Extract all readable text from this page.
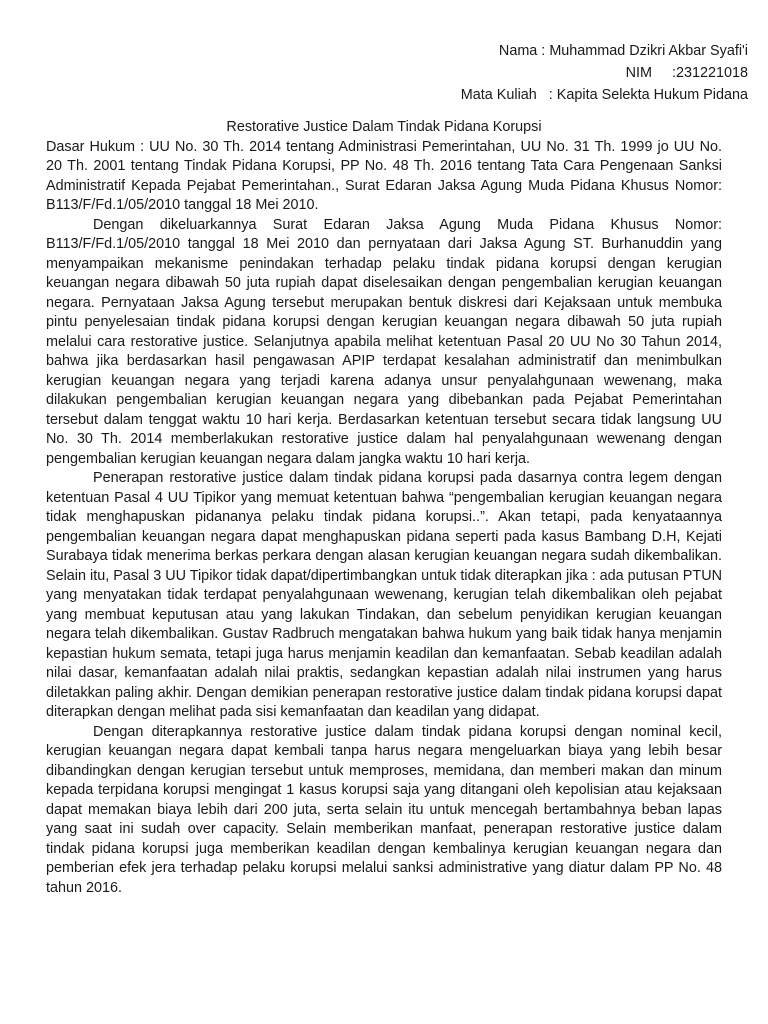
Nama : Muhammad Dzikri Akbar Syafi'i
NIM :231221018
Mata Kuliah   : Kapita Selekta Hukum Pidana
Restorative Justice Dalam Tindak Pidana Korupsi
Dasar Hukum : UU No. 30 Th. 2014 tentang Administrasi Pemerintahan, UU No. 31 Th. 1999 jo UU No. 20 Th. 2001 tentang Tindak Pidana Korupsi, PP No. 48 Th. 2016 tentang Tata Cara Pengenaan Sanksi Administratif Kepada Pejabat Pemerintahan., Surat Edaran Jaksa Agung Muda Pidana Khusus Nomor: B113/F/Fd.1/05/2010 tanggal 18 Mei 2010.

Dengan dikeluarkannya Surat Edaran Jaksa Agung Muda Pidana Khusus Nomor: B113/F/Fd.1/05/2010 tanggal 18 Mei 2010 dan pernyataan dari Jaksa Agung ST. Burhanuddin yang menyampaikan mekanisme penindakan terhadap pelaku tindak pidana korupsi dengan kerugian keuangan negara dibawah 50 juta rupiah dapat diselesaikan dengan pengembalian kerugian keuangan negara. Pernyataan Jaksa Agung tersebut merupakan bentuk diskresi dari Kejaksaan untuk membuka pintu penyelesaian tindak pidana korupsi dengan kerugian keuangan negara dibawah 50 juta rupiah melalui cara restorative justice. Selanjutnya apabila melihat ketentuan Pasal 20 UU No 30 Tahun 2014, bahwa jika berdasarkan hasil pengawasan APIP terdapat kesalahan administratif dan menimbulkan kerugian keuangan negara yang terjadi karena adanya unsur penyalahgunaan wewenang, maka dilakukan pengembalian kerugian keuangan negara yang dibebankan pada Pejabat Pemerintahan tersebut dalam tenggat waktu 10 hari kerja. Berdasarkan ketentuan tersebut secara tidak langsung UU No. 30 Th. 2014 memberlakukan restorative justice dalam hal penyalahgunaan wewenang dengan pengembalian kerugian keuangan negara dalam jangka waktu 10 hari kerja.

Penerapan restorative justice dalam tindak pidana korupsi pada dasarnya contra legem dengan ketentuan Pasal 4 UU Tipikor yang memuat ketentuan bahwa “pengembalian kerugian keuangan negara tidak menghapuskan pidananya pelaku tindak pidana korupsi..”. Akan tetapi, pada kenyataannya pengembalian keuangan negara dapat menghapuskan pidana seperti pada kasus Bambang D.H, Kejati Surabaya tidak menerima berkas perkara dengan alasan kerugian keuangan negara sudah dikembalikan. Selain itu, Pasal 3 UU Tipikor tidak dapat/dipertimbangkan untuk tidak diterapkan jika : ada putusan PTUN yang menyatakan tidak terdapat penyalahgunaan wewenang, kerugian telah dikembalikan oleh pejabat yang membuat keputusan atau yang lakukan Tindakan, dan sebelum penyidikan kerugian keuangan negara telah dikembalikan. Gustav Radbruch mengatakan bahwa hukum yang baik tidak hanya menjamin kepastian hukum semata, tetapi juga harus menjamin keadilan dan kemanfaatan. Sebab keadilan adalah nilai dasar, kemanfaatan adalah nilai praktis, sedangkan kepastian adalah nilai instrumen yang harus diletakkan paling akhir. Dengan demikian penerapan restorative justice dalam tindak pidana korupsi dapat diterapkan dengan melihat pada sisi kemanfaatan dan keadilan yang didapat.

Dengan diterapkannya restorative justice dalam tindak pidana korupsi dengan nominal kecil, kerugian keuangan negara dapat kembali tanpa harus negara mengeluarkan biaya yang lebih besar dibandingkan dengan kerugian tersebut untuk memproses, memidana, dan memberi makan dan minum kepada terpidana korupsi mengingat 1 kasus korupsi saja yang ditangani oleh kepolisian atau kejaksaan dapat memakan biaya lebih dari 200 juta, serta selain itu untuk mencegah bertambahnya beban lapas yang saat ini sudah over capacity. Selain memberikan manfaat, penerapan restorative justice dalam tindak pidana korupsi juga memberikan keadilan dengan kembalinya kerugian keuangan negara dan pemberian efek jera terhadap pelaku korupsi melalui sanksi administrative yang diatur dalam PP No. 48 tahun 2016.
